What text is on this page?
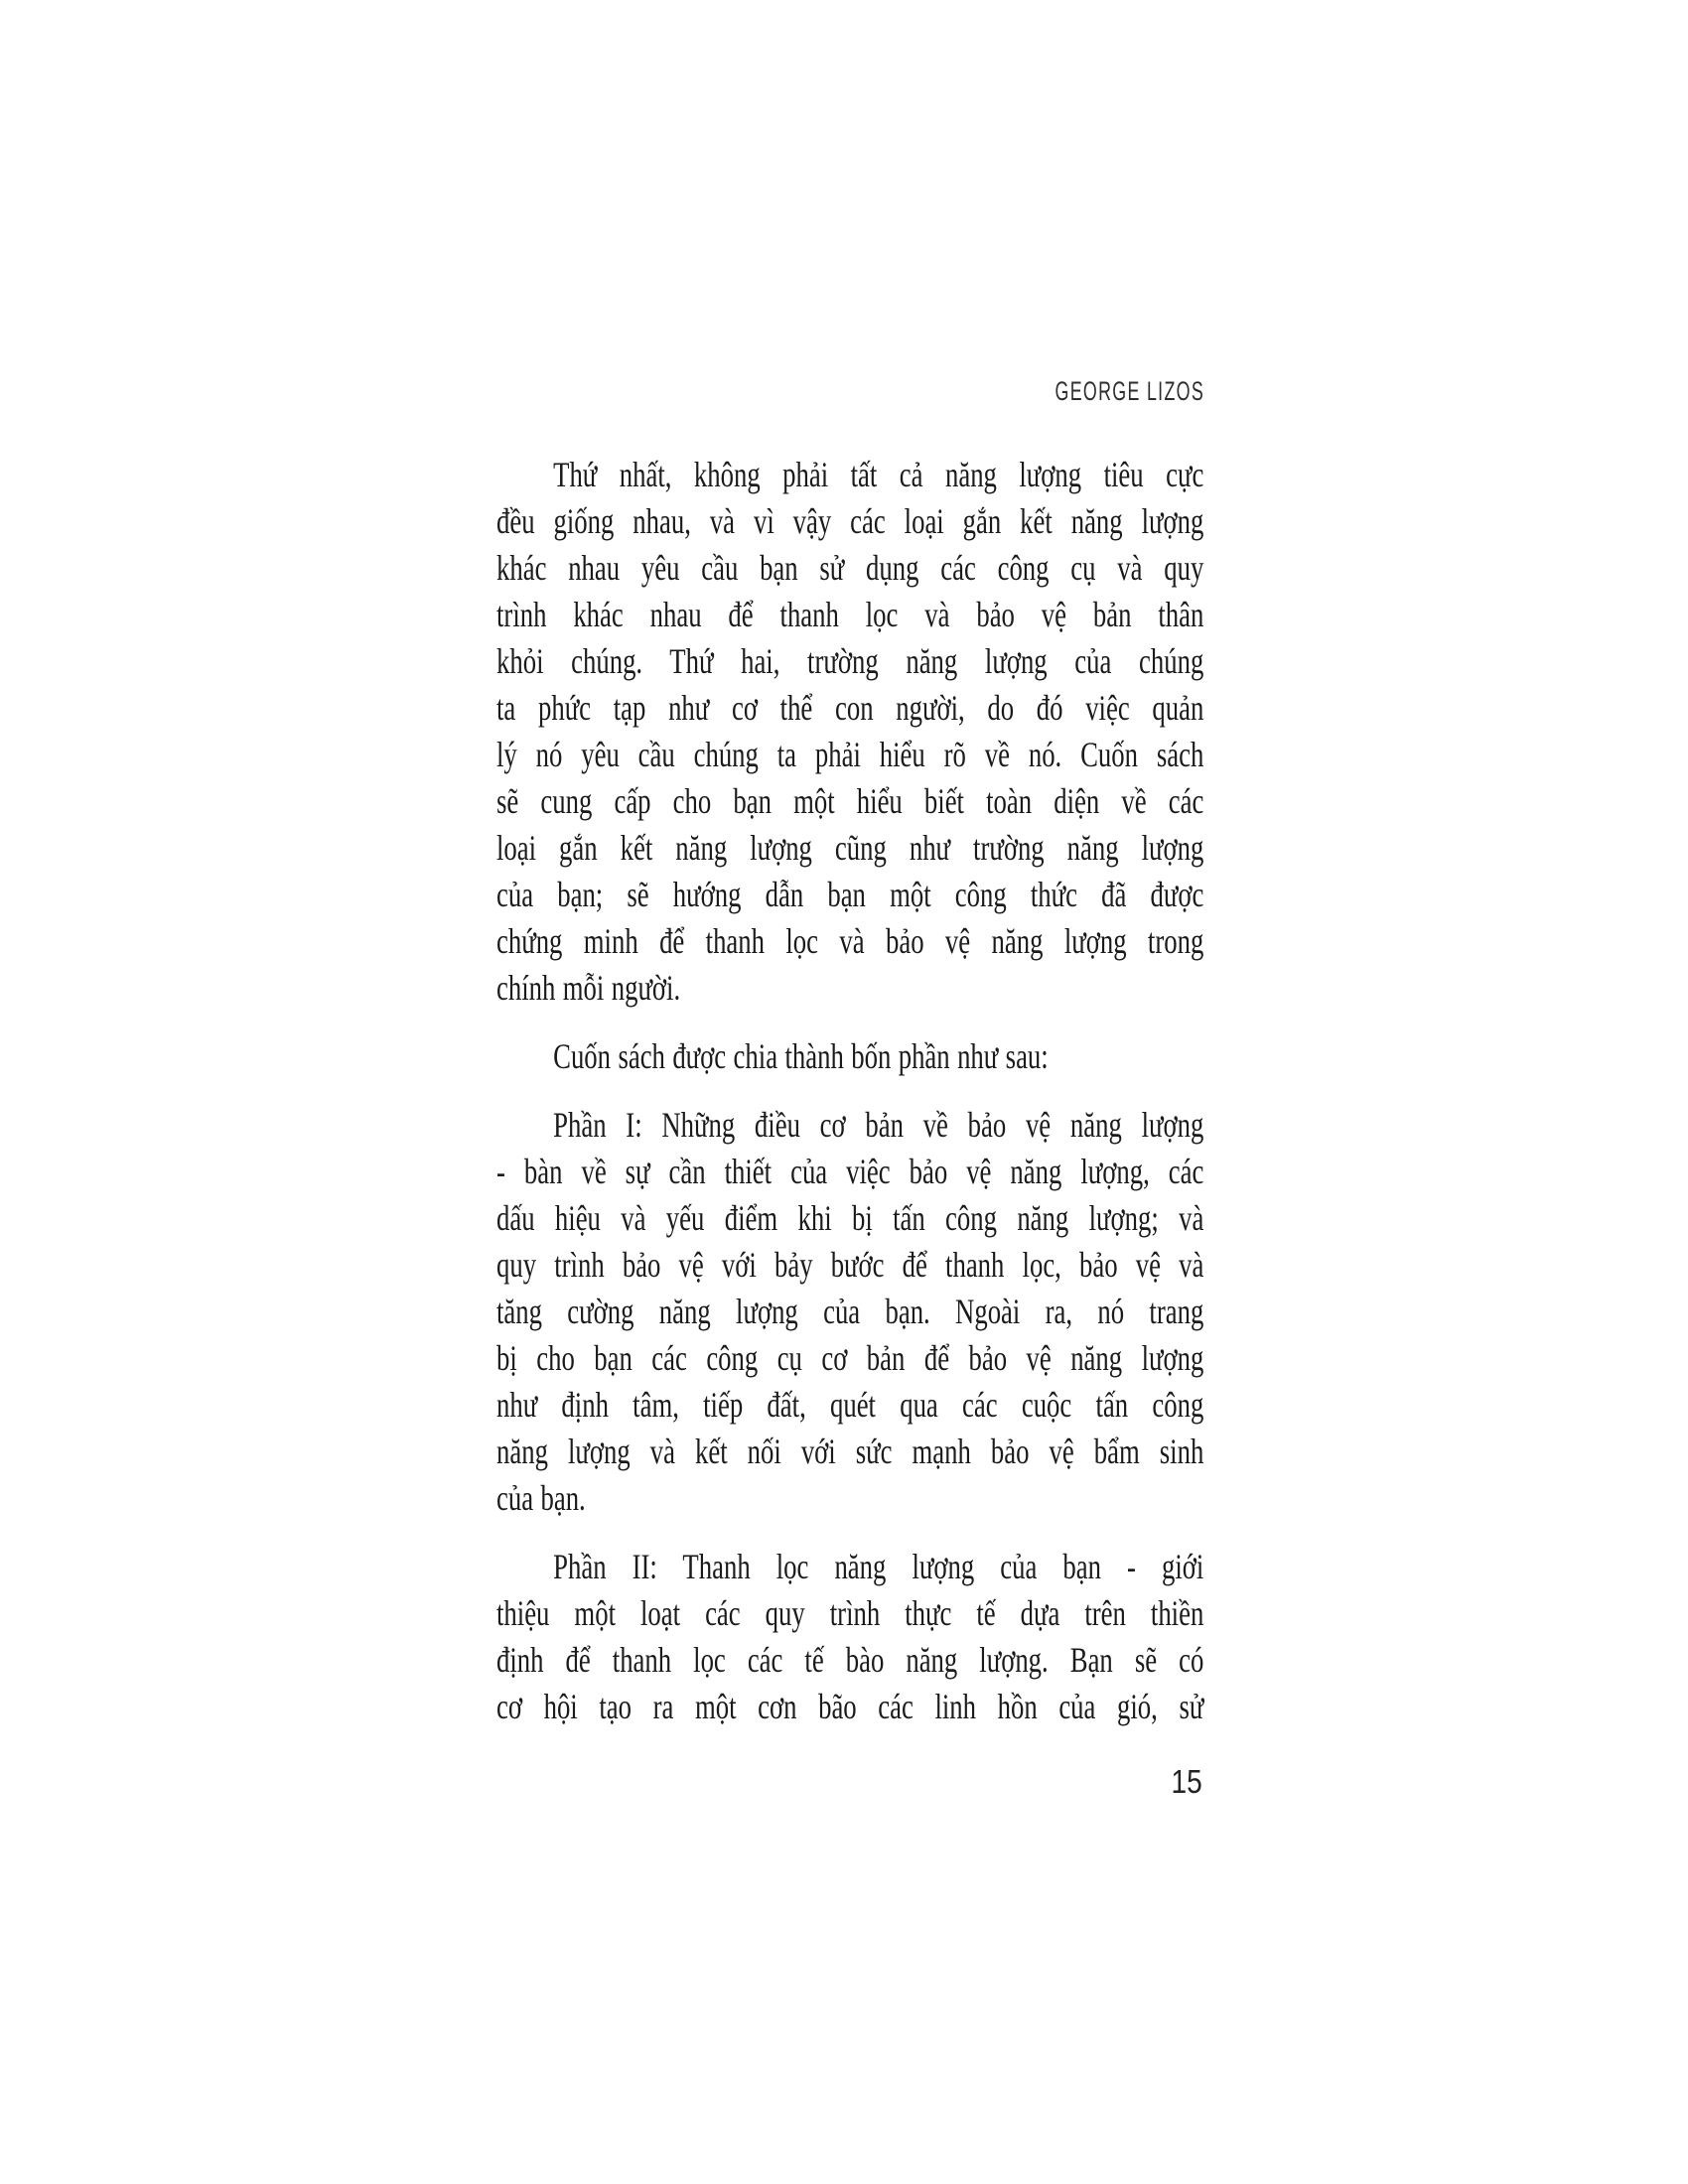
GEORGE LIZOS
Thứ nhất, không phải tất cả năng lượng tiêu cực
đều giống nhau, và vì vậy các loại gắn kết năng lượng
khác nhau yêu cầu bạn sử dụng các công cụ và quy
trình khác nhau để thanh lọc và bảo vệ bản thân
khỏi chúng. Thứ hai, trường năng lượng của chúng
ta phức tạp như cơ thể con người, do đó việc quản
lý nó yêu cầu chúng ta phải hiểu rõ về nó. Cuốn sách
sẽ cung cấp cho bạn một hiểu biết toàn diện về các
loại gắn kết năng lượng cũng như trường năng lượng
của bạn; sẽ hướng dẫn bạn một công thức đã được
chứng minh để thanh lọc và bảo vệ năng lượng trong
chính mỗi người.
Cuốn sách được chia thành bốn phần như sau:
Phần I: Những điều cơ bản về bảo vệ năng lượng
- bàn về sự cần thiết của việc bảo vệ năng lượng, các
dấu hiệu và yếu điểm khi bị tấn công năng lượng; và
quy trình bảo vệ với bảy bước để thanh lọc, bảo vệ và
tăng cường năng lượng của bạn. Ngoài ra, nó trang
bị cho bạn các công cụ cơ bản để bảo vệ năng lượng
như định tâm, tiếp đất, quét qua các cuộc tấn công
năng lượng và kết nối với sức mạnh bảo vệ bẩm sinh
của bạn.
Phần II: Thanh lọc năng lượng của bạn - giới
thiệu một loạt các quy trình thực tế dựa trên thiền
định để thanh lọc các tế bào năng lượng. Bạn sẽ có
cơ hội tạo ra một cơn bão các linh hồn của gió, sử
15
